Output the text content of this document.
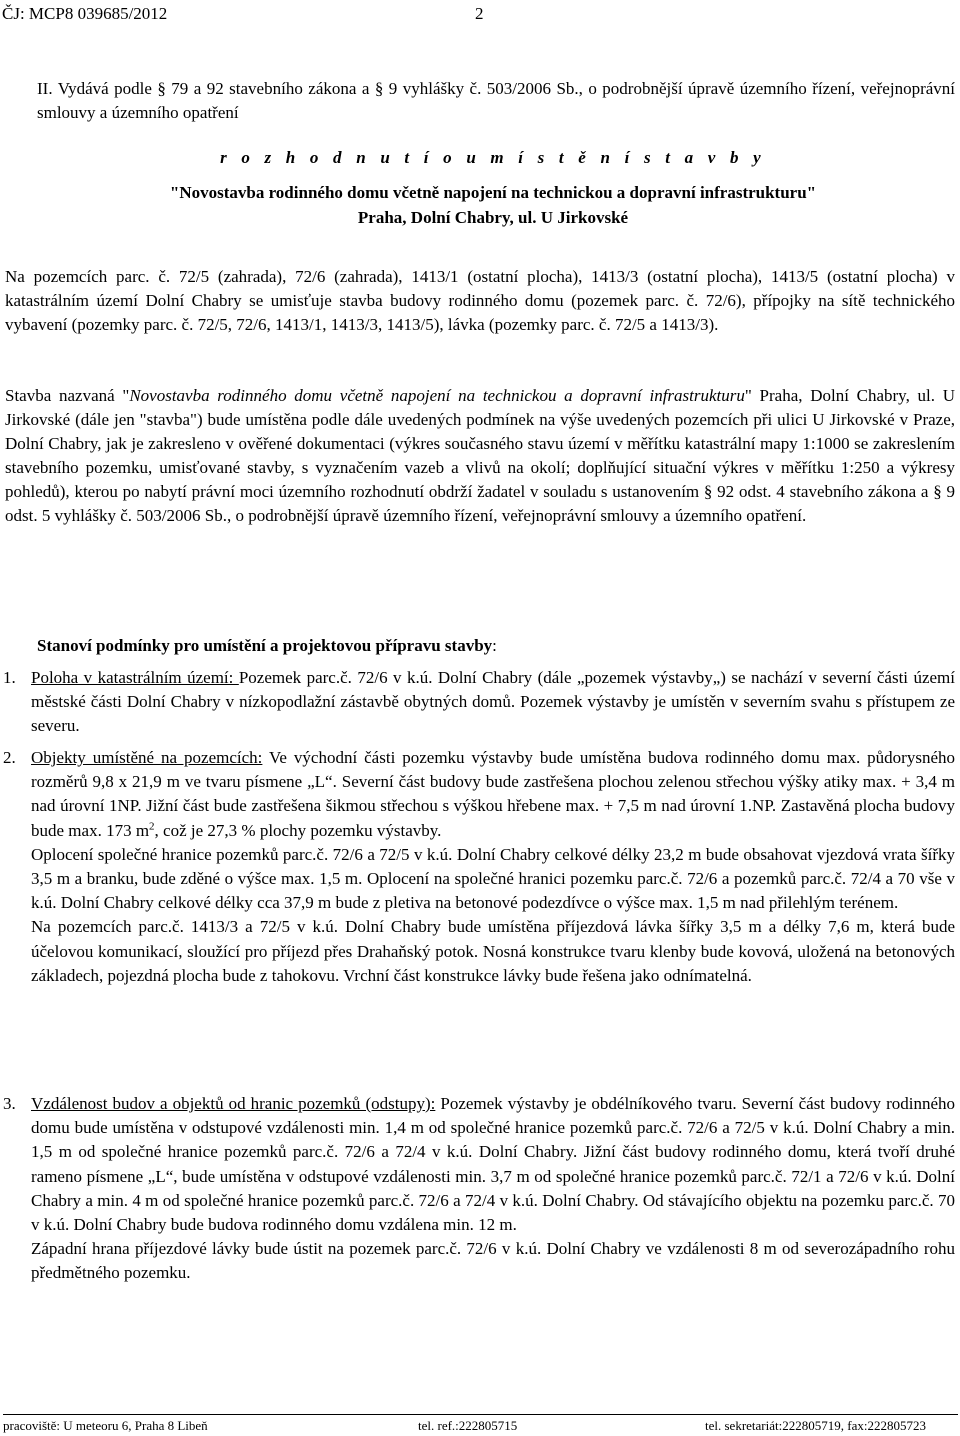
ČJ: MCP8 039685/2012	2
II. Vydává podle § 79 a 92 stavebního zákona a § 9 vyhlášky č. 503/2006 Sb., o podrobnější úpravě územního řízení, veřejnoprávní smlouvy a územního opatření
r o z h o d n u t í o u m í s t ě n í s t a v b y
"Novostavba rodinného domu včetně napojení na technickou a dopravní infrastrukturu"
Praha, Dolní Chabry, ul. U Jirkovské
Na pozemcích parc. č. 72/5 (zahrada), 72/6 (zahrada), 1413/1 (ostatní plocha), 1413/3 (ostatní plocha), 1413/5 (ostatní plocha) v katastrálním území Dolní Chabry se umisťuje stavba budovy rodinného domu (pozemek parc. č. 72/6), přípojky na sítě technického vybavení (pozemky parc. č. 72/5, 72/6, 1413/1, 1413/3, 1413/5), lávka (pozemky parc. č. 72/5 a 1413/3).
Stavba nazvaná "Novostavba rodinného domu včetně napojení na technickou a dopravní infrastrukturu" Praha, Dolní Chabry, ul. U Jirkovské (dále jen "stavba") bude umístěna podle dále uvedených podmínek na výše uvedených pozemcích při ulici U Jirkovské v Praze, Dolní Chabry, jak je zakresleno v ověřené dokumentaci (výkres současného stavu území v měřítku katastrální mapy 1:1000 se zakreslením stavebního pozemku, umisťované stavby, s vyznačením vazeb a vlivů na okolí; doplňující situační výkres v měřítku 1:250 a výkresy pohledů), kterou po nabytí právní moci územního rozhodnutí obdrží žadatel v souladu s ustanovením § 92 odst. 4 stavebního zákona a § 9 odst. 5 vyhlášky č. 503/2006 Sb., o podrobnější úpravě územního řízení, veřejnoprávní smlouvy a územního opatření.
Stanoví podmínky pro umístění a projektovou přípravu stavby:
1. Poloha v katastrálním území: Pozemek parc.č. 72/6 v k.ú. Dolní Chabry (dále „pozemek výstavby„) se nachází v severní části území městské části Dolní Chabry v nízkopodlažní zástavbě obytných domů. Pozemek výstavby je umístěn v severním svahu s přístupem ze severu.

2. Objekty umístěné na pozemcích: Ve východní části pozemku výstavby bude umístěna budova rodinného domu max. půdorysného rozměrů 9,8 x 21,9 m ve tvaru písmene „L“. Severní část budovy bude zastřešena plochou zelenou střechou výšky atiky max. + 3,4 m nad úrovní 1NP. Jižní část bude zastřešena šikmou střechou s výškou hřebene max. + 7,5 m nad úrovní 1.NP. Zastavěná plocha budovy bude max. 173 $m^2$, což je 27,3 % plochy pozemku výstavby.

Oplocení společné hranice pozemků parc.č. 72/6 a 72/5 v k.ú. Dolní Chabry celkové délky 23,2 m bude obsahovat vjezdová vrata šířky 3,5 m a branku, bude zděné o výšce max. 1,5 m. Oplocení na společné hranici pozemku parc.č. 72/6 a pozemků parc.č. 72/4 a 70 vše v k.ú. Dolní Chabry celkové délky cca 37,9 m bude z pletiva na betonové podezdívce o výšce max. 1,5 m nad přilehlým terénem.

Na pozemcích parc.č. 1413/3 a 72/5 v k.ú. Dolní Chabry bude umístěna příjezdová lávka šířky 3,5 m a délky 7,6 m, která bude účelovou komunikací, sloužící pro příjezd přes Drahaňský potok. Nosná konstrukce tvaru klenby bude kovová, uložená na betonových základech, pojezdná plocha bude z tahokovu. Vrchní část konstrukce lávky bude řešena jako odnímatelná.

3. Vzdálenost budov a objektů od hranic pozemků (odstupy): Pozemek výstavby je obdélníkového tvaru. Severní část budovy rodinného domu bude umístěna v odstupové vzdálenosti min. 1,4 m od společné hranice pozemků parc.č. 72/6 a 72/5 v k.ú. Dolní Chabry a min. 1,5 m od společné hranice pozemků parc.č. 72/6 a 72/4 v k.ú. Dolní Chabry. Jižní část budovy rodinného domu, která tvoří druhé rameno písmene „L“, bude umístěna v odstupové vzdálenosti min. 3,7 m od společné hranice pozemků parc.č. 72/1 a 72/6 v k.ú. Dolní Chabry a min. 4 m od společné hranice pozemků parc.č. 72/6 a 72/4 v k.ú. Dolní Chabry. Od stávajícího objektu na pozemku parc.č. 70 v k.ú. Dolní Chabry bude budova rodinného domu vzdálena min. 12 m.

Západní hrana příjezdové lávky bude ústit na pozemek parc.č. 72/6 v k.ú. Dolní Chabry ve vzdálenosti 8 m od severozápadního rohu předmětného pozemku.

pracoviště: U meteoru 6, Praha 8 Libeň	tel. ref.:222805715	tel. sekretariát:222805719, fax:222805723
